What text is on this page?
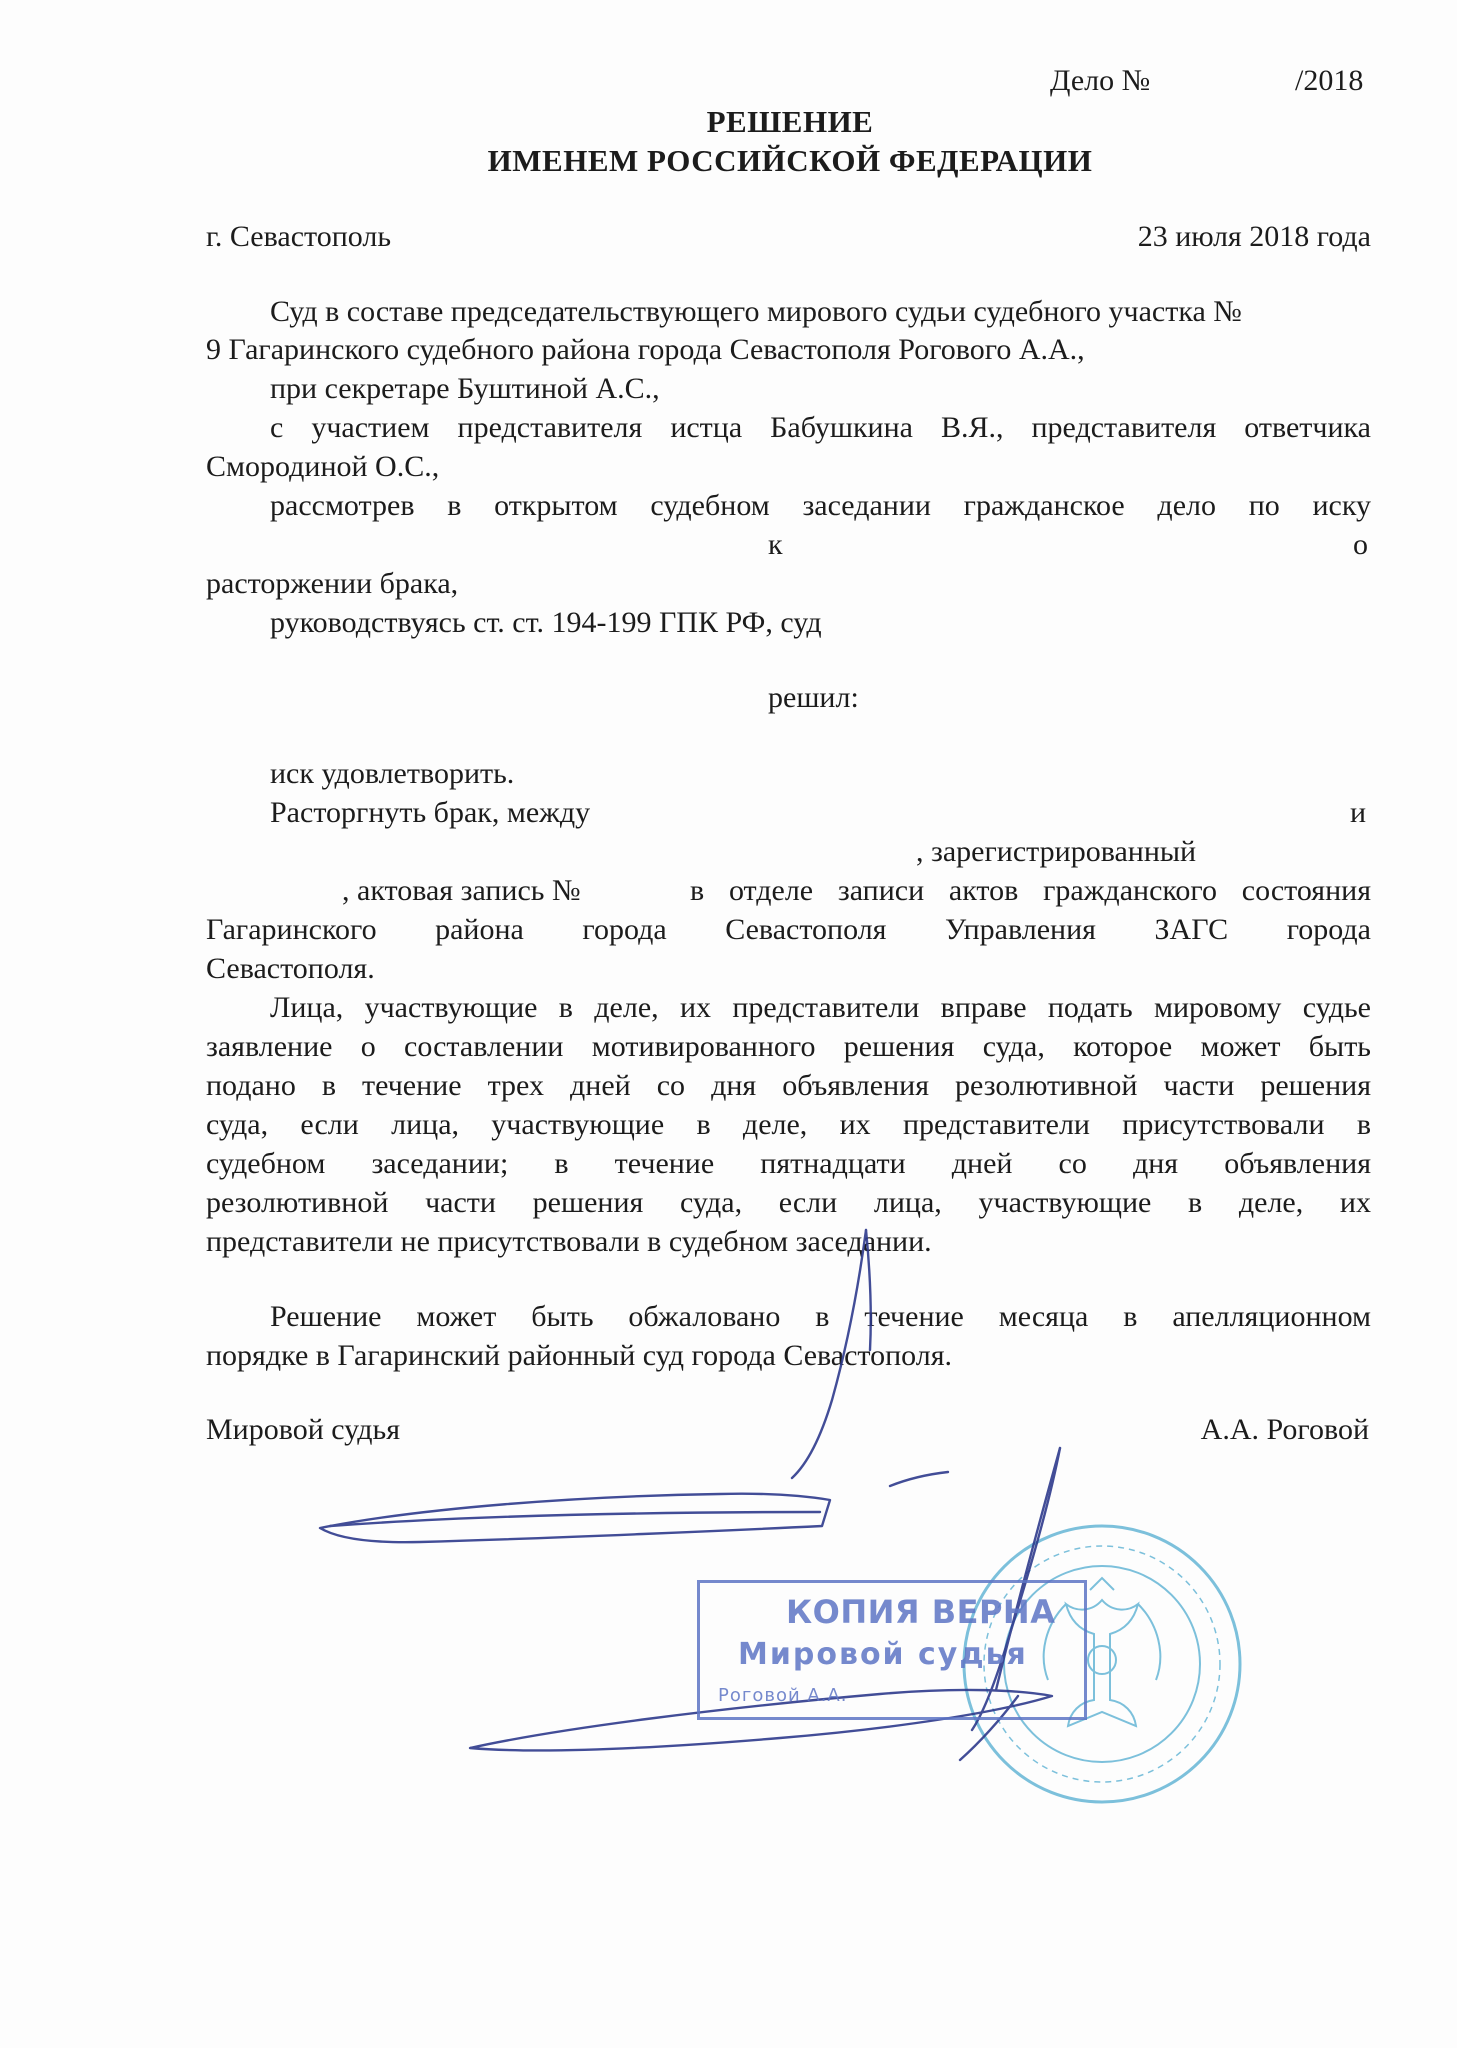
Дело №	/2018
РЕШЕНИЕ
ИМЕНЕМ РОССИЙСКОЙ ФЕДЕРАЦИИ
г. Севастополь	23 июля 2018 года
Суд в составе председательствующего мирового судьи судебного участка №
9 Гагаринского судебного района города Севастополя Рогового А.А.,
при секретаре Буштиной А.С.,
с участием представителя истца Бабушкина В.Я., представителя ответчика
Смородиной О.С.,
рассмотрев в открытом судебном заседании гражданское дело по иску
к	о
расторжении брака,
руководствуясь ст. ст. 194-199 ГПК РФ, суд
решил:
иск удовлетворить.
Расторгнуть брак, между	и
, зарегистрированный
, актовая запись №	в отделе записи актов гражданского состояния
Гагаринского района города Севастополя Управления ЗАГС города
Севастополя.
Лица, участвующие в деле, их представители вправе подать мировому судье
заявление о составлении мотивированного решения суда, которое может быть
подано в течение трех дней со дня объявления резолютивной части решения
суда, если лица, участвующие в деле, их представители присутствовали в
судебном заседании; в течение пятнадцати дней со дня объявления
резолютивной части решения суда, если лица, участвующие в деле, их
представители не присутствовали в судебном заседании.
Решение может быть обжаловано в течение месяца в апелляционном
порядке в Гагаринский районный суд города Севастополя.
Мировой судья	А.А. Роговой
КОПИЯ ВЕРНА
Мировой судья
Роговой А.А.
